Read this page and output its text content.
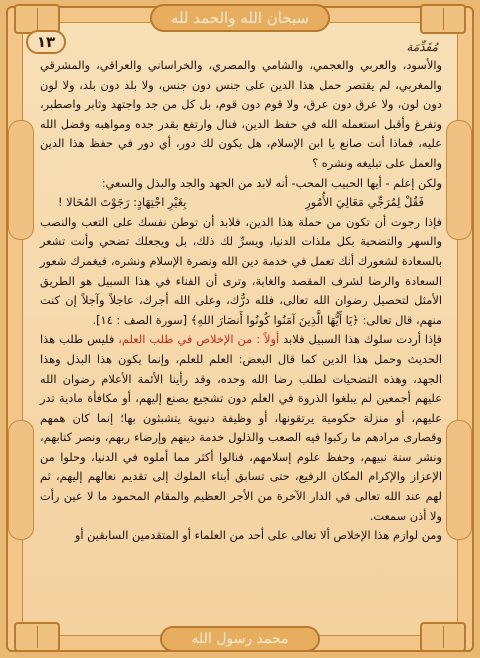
سبحان الله والحمد لله
١٣	مُقَدِّمَة

والأسود، والعربي والعجمي، والشامي والمصري، والخراساني والعراقي، والمشرقي والمغربي، لم يقتصر حمل هذا الدين على جنس دون جنس، ولا بلد دون بلد، ولا لون دون لون، ولا عرق دون عرق، ولا قوم دون قوم، بل كل من جد واجتهد وثابر واصطبر، وتفرغ وأقبل استعمله الله في حفظ الدين، فنال وارتفع بقدر جده ومواهبه وفضل الله عليه، فماذا أنت صانع يا ابن الإسلام، هل يكون لك دور، أي دور في حفظ هذا الدين والعمل على تبليغه ونشره ؟

ولكن إعلم - أيها الحبيب المحب- أنه لابد من الجهد والجد والبذل والسعي:

فَقُلْ لِمُرَجِّي مَعَالِيَ الأُمُورِ
بِغَيْرِ اجْتِهَادٍ: رَجَوْتَ المُحَالا !

فإذا رجوت أن تكون من حملة هذا الدين، فلابد أن توطن نفسك على التعب والنصب والسهر والتضحية بكل ملذات الدنيا، ويسرِّ لك ذلك، بل ويجعلك تضحي وأنت تشعر بالسعادة لشعورك أنك تعمل في خدمة دين الله ونصرة الإسلام ونشره، فيغمرك شعور السعادة والرضا لشرف المقصد والغاية، وترى أن الفناء في هذا السبيل هو الطريق الأمثل لتحصيل رضوان الله تعالى، فلله درُّك، وعلى الله أجرك، عاجلاً وآجلاً إن كنت منهم، قال تعالى: ﴿يَا أَيُّهَا الَّذِينَ آمَنُوا كُونُوا أَنصَارَ اللهِ﴾ [سورة الصف : ١٤].

فإذا أردت سلوك هذا السبيل فلابد أولاً : من الإخلاص في طلب العلم، فليس طلب هذا الحديث وحمل هذا الدين كما قال البعض: العلم للعلم، وإنما يكون هذا البذل وهذا الجهد، وهذه التضحيات لطلب رضا الله وحده، وقد رأينا الأئمة الأعلام رضوان الله عليهم أجمعين لم يبلغوا الذروة في العلم دون تشجيع يصنع إليهم، أو مكافأة مادية تدر عليهم، أو منزلة حكومية يرتقونها، أو وظيفة دنيوية يتشبثون بها؛ إنما كان همهم وقصارى مرادهم ما ركبوا فيه الصعب والذلول خدمة دينهم وإرضاء ربهم، ونصر كتابهم، ونشر سنة نبيهم، وحفظ علوم إسلامهم، فنالوا أكثر مما أملوه في الدنيا، وحلوا من الإعزاز والإكرام المكان الرفيع، حتى تسابق أبناء الملوك إلى تقديم نعالهم إليهم، ثم لهم عند الله تعالى في الدار الآخرة من الأجر العظيم والمقام المحمود ما لا عين رأت ولا أذن سمعت.

ومن لوازم هذا الإخلاص ألا تعالى على أحد من العلماء أو المتقدمين السابقين أو

محمد رسول الله
